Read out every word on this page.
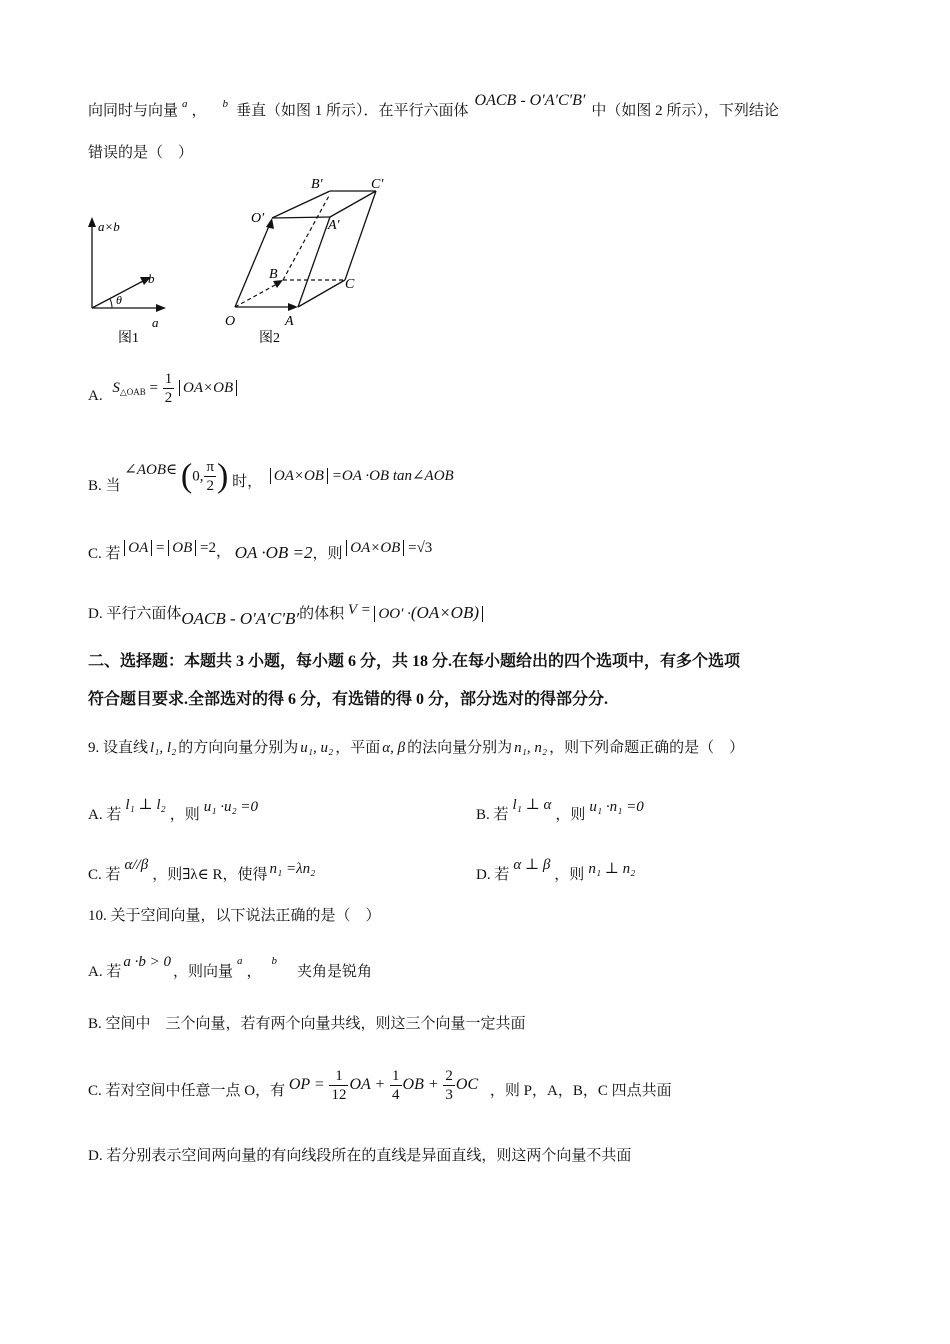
向同时与向量 $^a$ ， $^b$ 垂直（如图 1 所示）．在平行六面体OACB - O′A′C′B′中（如图 2 所示），下列结论
错误的是（　）
a×b
b
θ
a
图1
O	A
B
C
O′	A′
B′	C′
图2
A. $S_{\triangle OAB} = \frac{1}{2} OA\times OB$
B. 当 ∠AOB∈ (0, $\frac{\pi}{2}$ ) 时， OA×OB =OA ·OB tan∠AOB
C. 若 OA = OB =2， OA ·OB =2，则 OA×OB =√3
D. 平行六面体OACB - O′A′C′B′的体积 V = OO′ ·(OA×OB)
二、选择题：本题共 3 小题，每小题 6 分，共 18 分.在每小题给出的四个选项中，有多个选项
符合题目要求.全部选对的得 6 分，有选错的得 0 分，部分选对的得部分分.
9. 设直线 l₁, l₂ 的方向向量分别为 u₁, u₂ ，平面 α, β 的法向量分别为 n₁, n₂ ，则下列命题正确的是（　）
A. 若l₁ ⊥ l₂，则 u₁ ·u₂ =0	B. 若l₁ ⊥ α，则 u₁ ·n₁ =0
C. 若α//β，则∃λ∈ R，使得 n₁ =λn₂	D. 若α ⊥ β，则 n₁ ⊥ n₂
10. 关于空间向量，以下说法正确的是（　）
A. 若a ·b > 0，则向量$^a$，$^b$夹角是锐角
B. 空间中　三个向量，若有两个向量共线，则这三个向量一定共面
C. 若对空间中任意一点 O，有 OP = $\frac{1}{12}$ OA + $\frac{1}{4}$ OB + $\frac{2}{3}$ OC ，则 P，A，B，C 四点共面
D. 若分别表示空间两向量的有向线段所在的直线是异面直线，则这两个向量不共面
